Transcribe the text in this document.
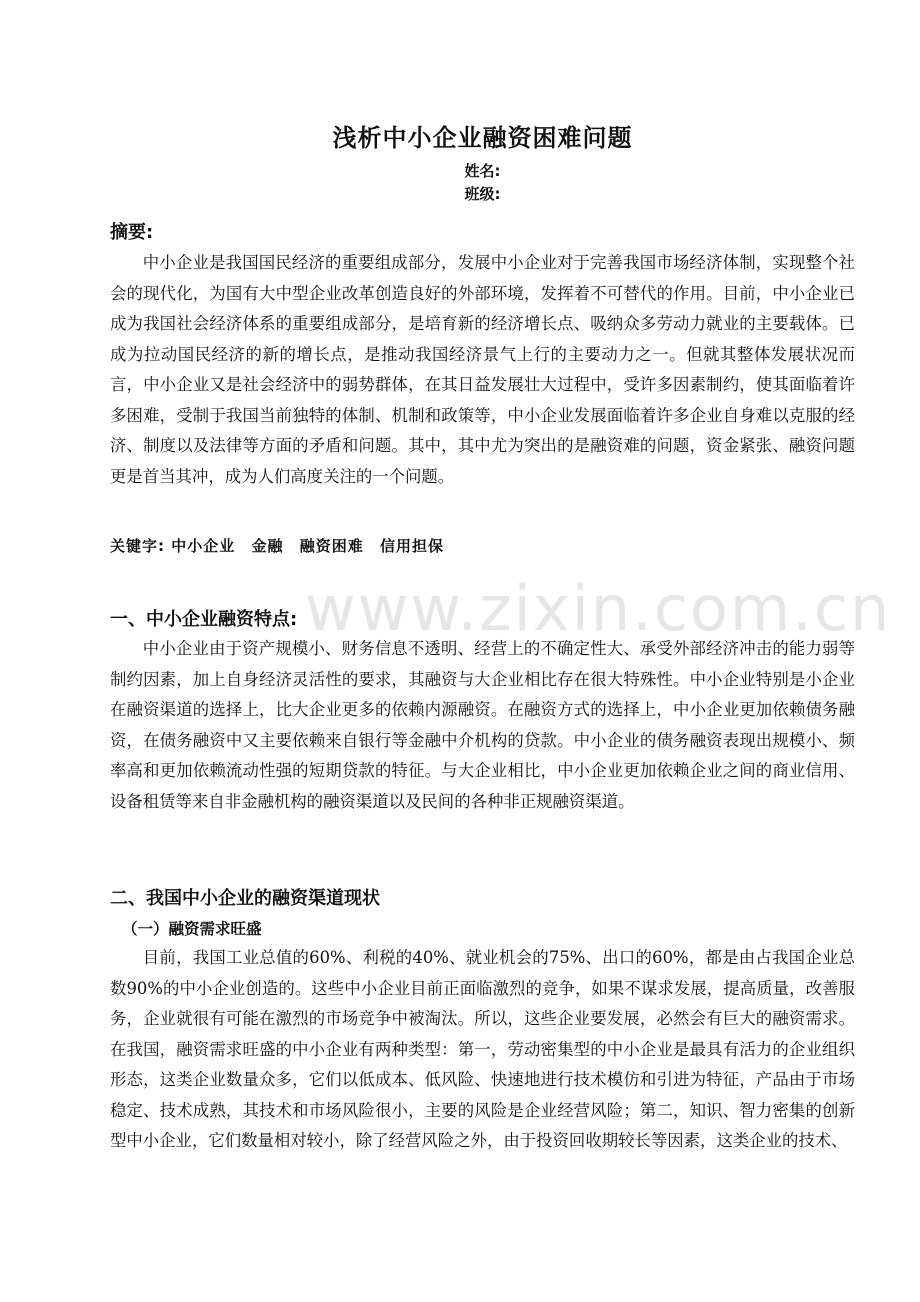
www.zixin.com.cn
浅析中小企业融资困难问题
姓名:
班级:
摘要:

中小企业是我国国民经济的重要组成部分，发展中小企业对于完善我国市场经济体制，实现整个社会的现代化，为国有大中型企业改革创造良好的外部环境，发挥着不可替代的作用。目前，中小企业已成为我国社会经济体系的重要组成部分，是培育新的经济增长点、吸纳众多劳动力就业的主要载体。已成为拉动国民经济的新的增长点，是推动我国经济景气上行的主要动力之一。但就其整体发展状况而言，中小企业又是社会经济中的弱势群体，在其日益发展壮大过程中，受许多因素制约，使其面临着许多困难，受制于我国当前独特的体制、机制和政策等，中小企业发展面临着许多企业自身难以克服的经济、制度以及法律等方面的矛盾和问题。其中，其中尤为突出的是融资难的问题，资金紧张、融资问题更是首当其冲，成为人们高度关注的一个问题。

关键字: 中小企业 金融 融资困难 信用担保
一、中小企业融资特点:

中小企业由于资产规模小、财务信息不透明、经营上的不确定性大、承受外部经济冲击的能力弱等制约因素，加上自身经济灵活性的要求，其融资与大企业相比存在很大特殊性。中小企业特别是小企业在融资渠道的选择上，比大企业更多的依赖内源融资。在融资方式的选择上，中小企业更加依赖债务融资，在债务融资中又主要依赖来自银行等金融中介机构的贷款。中小企业的债务融资表现出规模小、频率高和更加依赖流动性强的短期贷款的特征。与大企业相比，中小企业更加依赖企业之间的商业信用、设备租赁等来自非金融机构的融资渠道以及民间的各种非正规融资渠道。

二、我国中小企业的融资渠道现状
（一）融资需求旺盛

目前，我国工业总值的60%、利税的40%、就业机会的75%、出口的60%，都是由占我国企业总数90%的中小企业创造的。这些中小企业目前正面临激烈的竞争，如果不谋求发展，提高质量，改善服务，企业就很有可能在激烈的市场竞争中被淘汰。所以，这些企业要发展，必然会有巨大的融资需求。在我国，融资需求旺盛的中小企业有两种类型：第一，劳动密集型的中小企业是最具有活力的企业组织形态，这类企业数量众多，它们以低成本、低风险、快速地进行技术模仿和引进为特征，产品由于市场稳定、技术成熟，其技术和市场风险很小，主要的风险是企业经营风险；第二，知识、智力密集的创新型中小企业，它们数量相对较小，除了经营风险之外，由于投资回收期较长等因素，这类企业的技术、
